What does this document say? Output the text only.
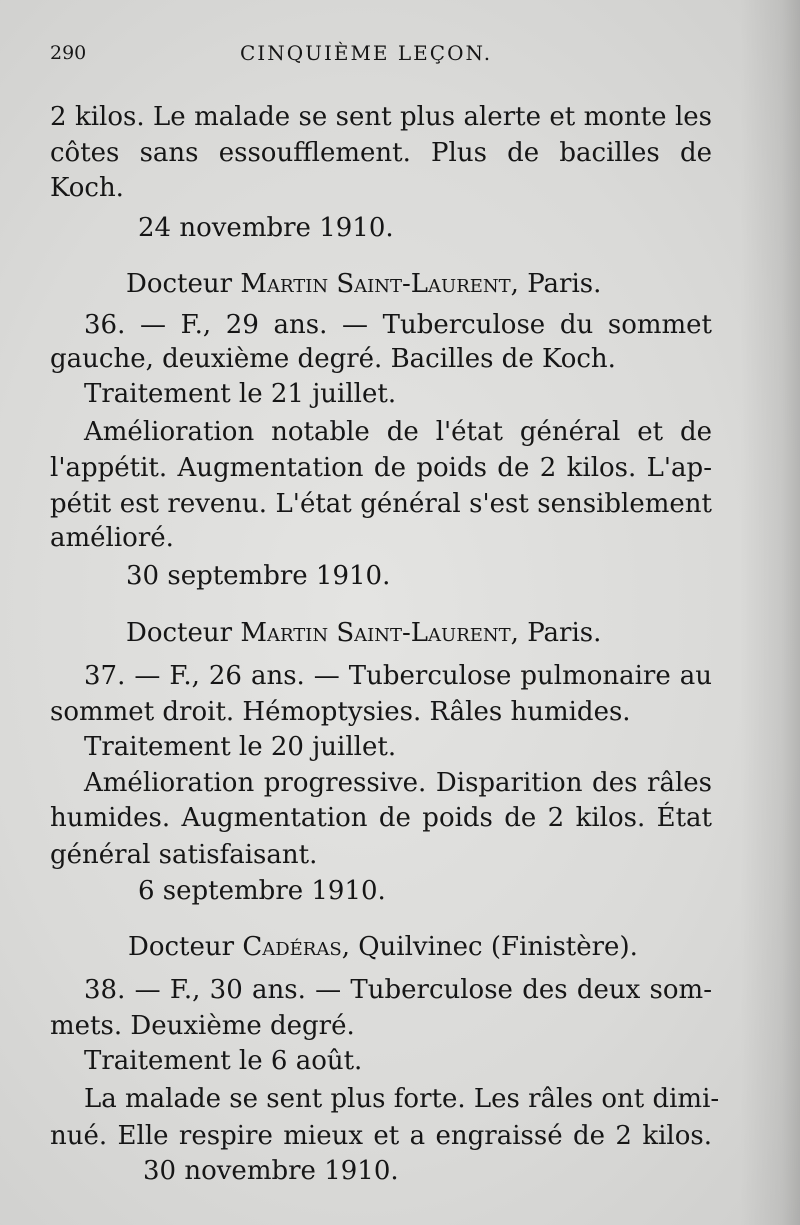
290	CINQUIÈME LEÇON.
2 kilos. Le malade se sent plus alerte et monte les
côtes sans essoufflement. Plus de bacilles de
Koch.
24 novembre 1910.
Docteur Martin Saint-Laurent, Paris.
36. — F., 29 ans. — Tuberculose du sommet
gauche, deuxième degré. Bacilles de Koch.
Traitement le 21 juillet.
Amélioration notable de l'état général et de
l'appétit. Augmentation de poids de 2 kilos. L'ap-
pétit est revenu. L'état général s'est sensiblement
amélioré.
30 septembre 1910.
Docteur Martin Saint-Laurent, Paris.
37. — F., 26 ans. — Tuberculose pulmonaire au
sommet droit. Hémoptysies. Râles humides.
Traitement le 20 juillet.
Amélioration progressive. Disparition des râles
humides. Augmentation de poids de 2 kilos. État
général satisfaisant.
6 septembre 1910.
Docteur Cadéras, Quilvinec (Finistère).
38. — F., 30 ans. — Tuberculose des deux som-
mets. Deuxième degré.
Traitement le 6 août.
La malade se sent plus forte. Les râles ont dimi-
nué. Elle respire mieux et a engraissé de 2 kilos.
30 novembre 1910.
